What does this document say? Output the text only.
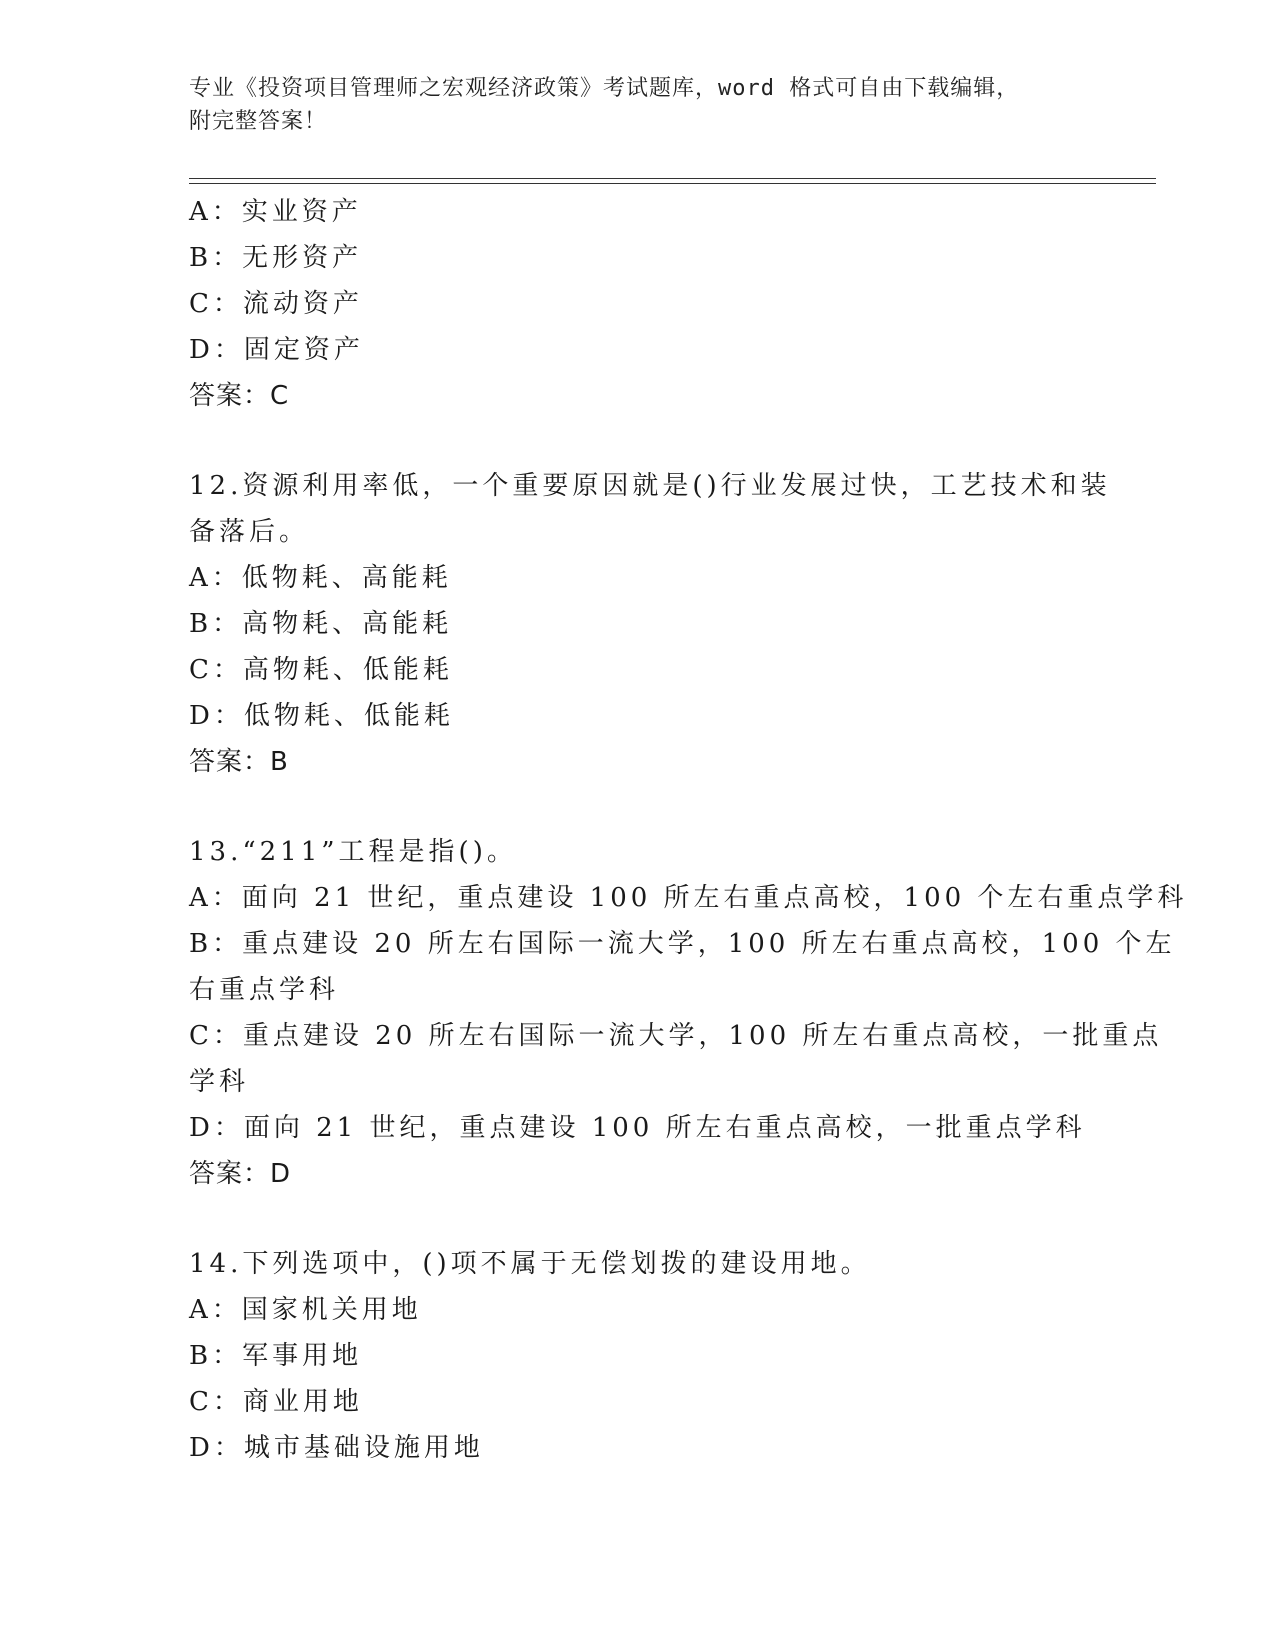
专业《投资项目管理师之宏观经济政策》考试题库，word 格式可自由下载编辑，
附完整答案！

A：实业资产

B：无形资产

C：流动资产

D：固定资产

答案：C

12.资源利用率低，一个重要原因就是()行业发展过快，工艺技术和装

备落后。

A：低物耗、高能耗

B：高物耗、高能耗

C：高物耗、低能耗

D：低物耗、低能耗

答案：B

13.“211”工程是指()。

A：面向 21 世纪，重点建设 100 所左右重点高校，100 个左右重点学科

B：重点建设 20 所左右国际一流大学，100 所左右重点高校，100 个左

右重点学科

C：重点建设 20 所左右国际一流大学，100 所左右重点高校，一批重点

学科

D：面向 21 世纪，重点建设 100 所左右重点高校，一批重点学科

答案：D

14.下列选项中，()项不属于无偿划拨的建设用地。

A：国家机关用地

B：军事用地

C：商业用地

D：城市基础设施用地
